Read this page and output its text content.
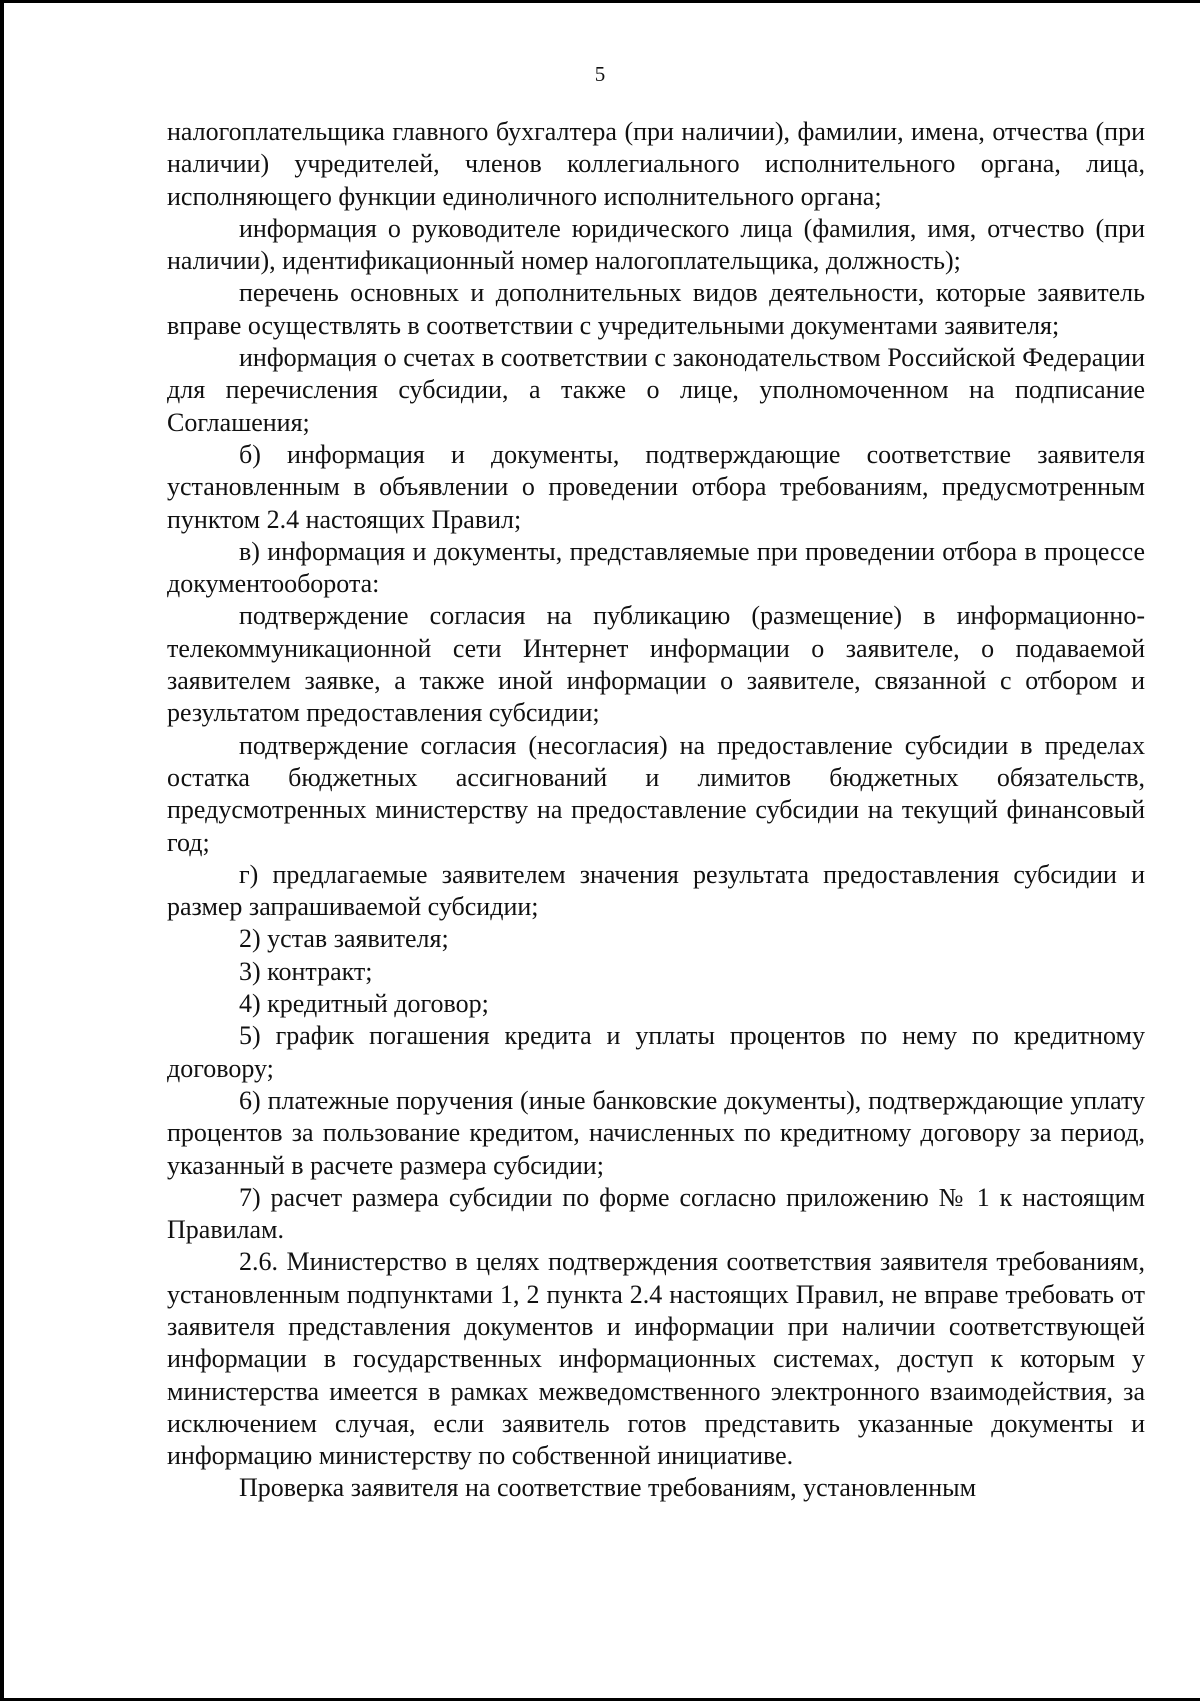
5

налогоплательщика главного бухгалтера (при наличии), фамилии, имена, отчества (при наличии) учредителей, членов коллегиального исполнительного органа, лица, исполняющего функции единоличного исполнительного органа;

информация о руководителе юридического лица (фамилия, имя, отчество (при наличии), идентификационный номер налогоплательщика, должность);

перечень основных и дополнительных видов деятельности, которые заявитель вправе осуществлять в соответствии с учредительными документами заявителя;

информация о счетах в соответствии с законодательством Российской Федерации для перечисления субсидии, а также о лице, уполномоченном на подписание Соглашения;

б) информация и документы, подтверждающие соответствие заявителя установленным в объявлении о проведении отбора требованиям, предусмотренным пунктом 2.4 настоящих Правил;

в) информация и документы, представляемые при проведении отбора в процессе документооборота:

подтверждение согласия на публикацию (размещение) в информационно-телекоммуникационной сети Интернет информации о заявителе, о подаваемой заявителем заявке, а также иной информации о заявителе, связанной с отбором и результатом предоставления субсидии;

подтверждение согласия (несогласия) на предоставление субсидии в пределах остатка бюджетных ассигнований и лимитов бюджетных обязательств, предусмотренных министерству на предоставление субсидии на текущий финансовый год;

г) предлагаемые заявителем значения результата предоставления субсидии и размер запрашиваемой субсидии;

2) устав заявителя;

3) контракт;

4) кредитный договор;

5) график погашения кредита и уплаты процентов по нему по кредитному договору;

6) платежные поручения (иные банковские документы), подтверждающие уплату процентов за пользование кредитом, начисленных по кредитному договору за период, указанный в расчете размера субсидии;

7) расчет размера субсидии по форме согласно приложению № 1 к настоящим Правилам.

2.6. Министерство в целях подтверждения соответствия заявителя требованиям, установленным подпунктами 1, 2 пункта 2.4 настоящих Правил, не вправе требовать от заявителя представления документов и информации при наличии соответствующей информации в государственных информационных системах, доступ к которым у министерства имеется в рамках межведомственного электронного взаимодействия, за исключением случая, если заявитель готов представить указанные документы и информацию министерству по собственной инициативе.

Проверка заявителя на соответствие требованиям, установленным
